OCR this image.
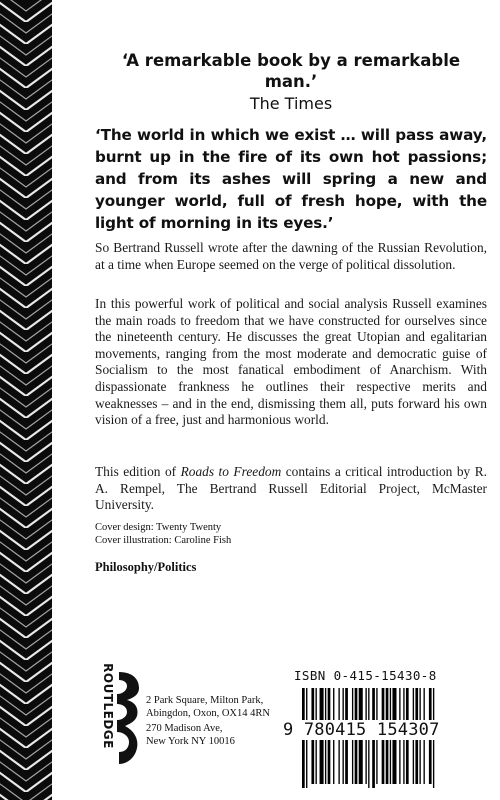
‘A remarkable book by a remarkable man.’
The Times
‘The world in which we exist … will pass away, burnt up in the fire of its own hot passions; and from its ashes will spring a new and younger world, full of fresh hope, with the light of morning in its eyes.’
So Bertrand Russell wrote after the dawning of the Russian Revolution, at a time when Europe seemed on the verge of political dissolution.
In this powerful work of political and social analysis Russell examines the main roads to freedom that we have constructed for ourselves since the nineteenth century. He discusses the great Utopian and egalitarian movements, ranging from the most moderate and democratic guise of Socialism to the most fanatical embodiment of Anarchism. With dispassionate frankness he outlines their respective merits and weaknesses – and in the end, dismissing them all, puts forward his own vision of a free, just and harmonious world.
This edition of Roads to Freedom contains a critical introduction by R. A. Rempel, The Bertrand Russell Editorial Project, McMaster University.
Cover design: Twenty Twenty
Cover illustration: Caroline Fish
Philosophy/Politics
ROUTLEDGE	2 Park Square, Milton Park,
Abingdon, Oxon, OX14 4RN
270 Madison Ave,
New York NY 10016
ISBN 0-415-15430-8
9 780415 154307
